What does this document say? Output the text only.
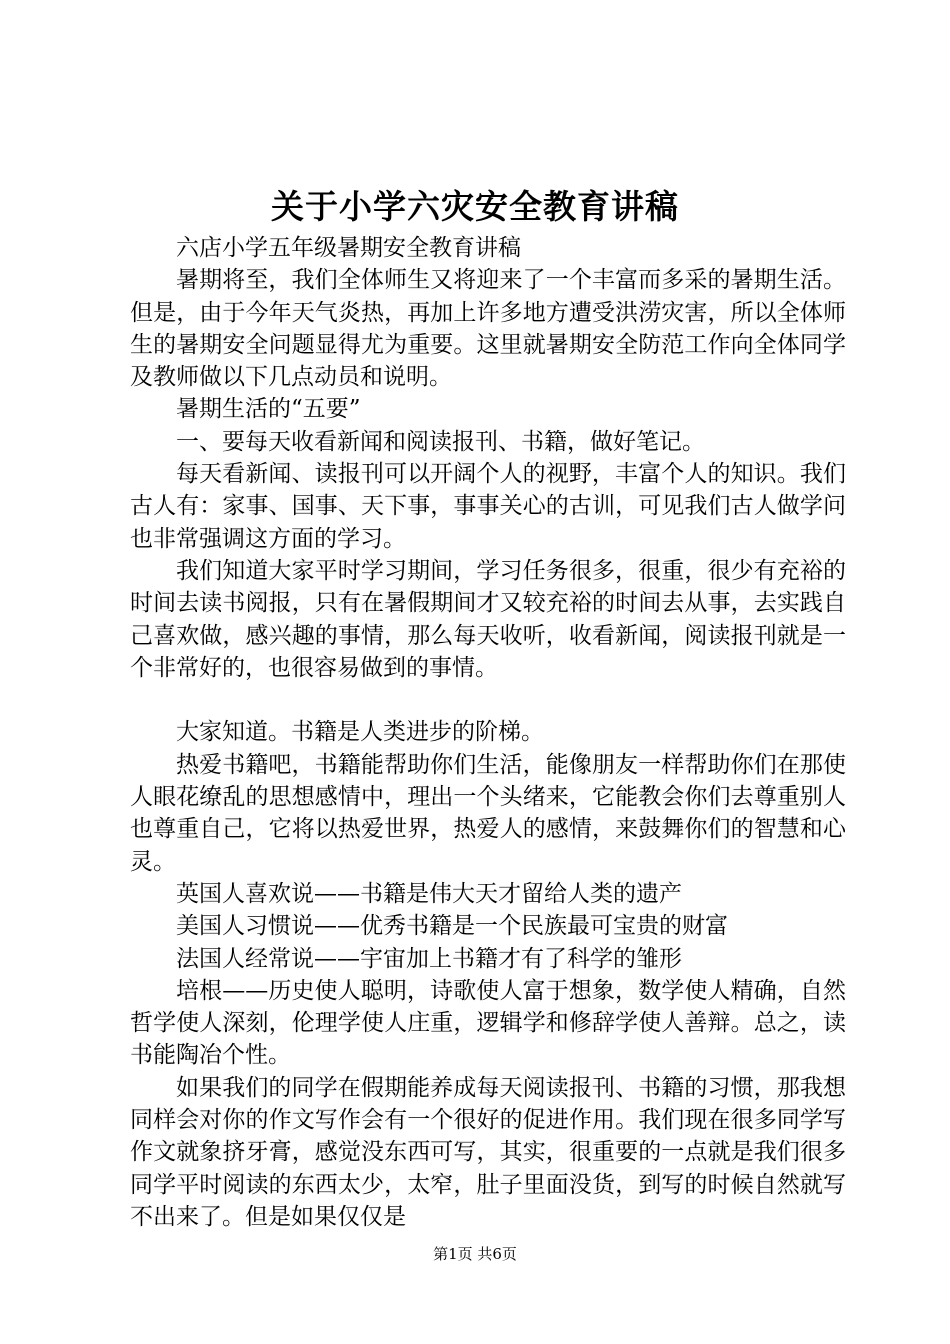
关于小学六灾安全教育讲稿

六店小学五年级暑期安全教育讲稿

暑期将至，我们全体师生又将迎来了一个丰富而多采的暑期生活。但是，由于今年天气炎热，再加上许多地方遭受洪涝灾害，所以全体师生的暑期安全问题显得尤为重要。这里就暑期安全防范工作向全体同学及教师做以下几点动员和说明。

暑期生活的“五要”

一、要每天收看新闻和阅读报刊、书籍，做好笔记。

每天看新闻、读报刊可以开阔个人的视野，丰富个人的知识。我们古人有：家事、国事、天下事，事事关心的古训，可见我们古人做学问也非常强调这方面的学习。

我们知道大家平时学习期间，学习任务很多，很重，很少有充裕的时间去读书阅报，只有在暑假期间才又较充裕的时间去从事，去实践自己喜欢做，感兴趣的事情，那么每天收听，收看新闻，阅读报刊就是一个非常好的，也很容易做到的事情。

大家知道。书籍是人类进步的阶梯。

热爱书籍吧，书籍能帮助你们生活，能像朋友一样帮助你们在那使人眼花缭乱的思想感情中，理出一个头绪来，它能教会你们去尊重别人也尊重自己，它将以热爱世界，热爱人的感情，来鼓舞你们的智慧和心灵。

英国人喜欢说——书籍是伟大天才留给人类的遗产

美国人习惯说——优秀书籍是一个民族最可宝贵的财富

法国人经常说——宇宙加上书籍才有了科学的雏形

培根——历史使人聪明，诗歌使人富于想象，数学使人精确，自然哲学使人深刻，伦理学使人庄重，逻辑学和修辞学使人善辩。总之，读书能陶冶个性。

如果我们的同学在假期能养成每天阅读报刊、书籍的习惯，那我想同样会对你的作文写作会有一个很好的促进作用。我们现在很多同学写作文就象挤牙膏，感觉没东西可写，其实，很重要的一点就是我们很多同学平时阅读的东西太少，太窄，肚子里面没货，到写的时候自然就写不出来了。但是如果仅仅是

第1页 共6页
